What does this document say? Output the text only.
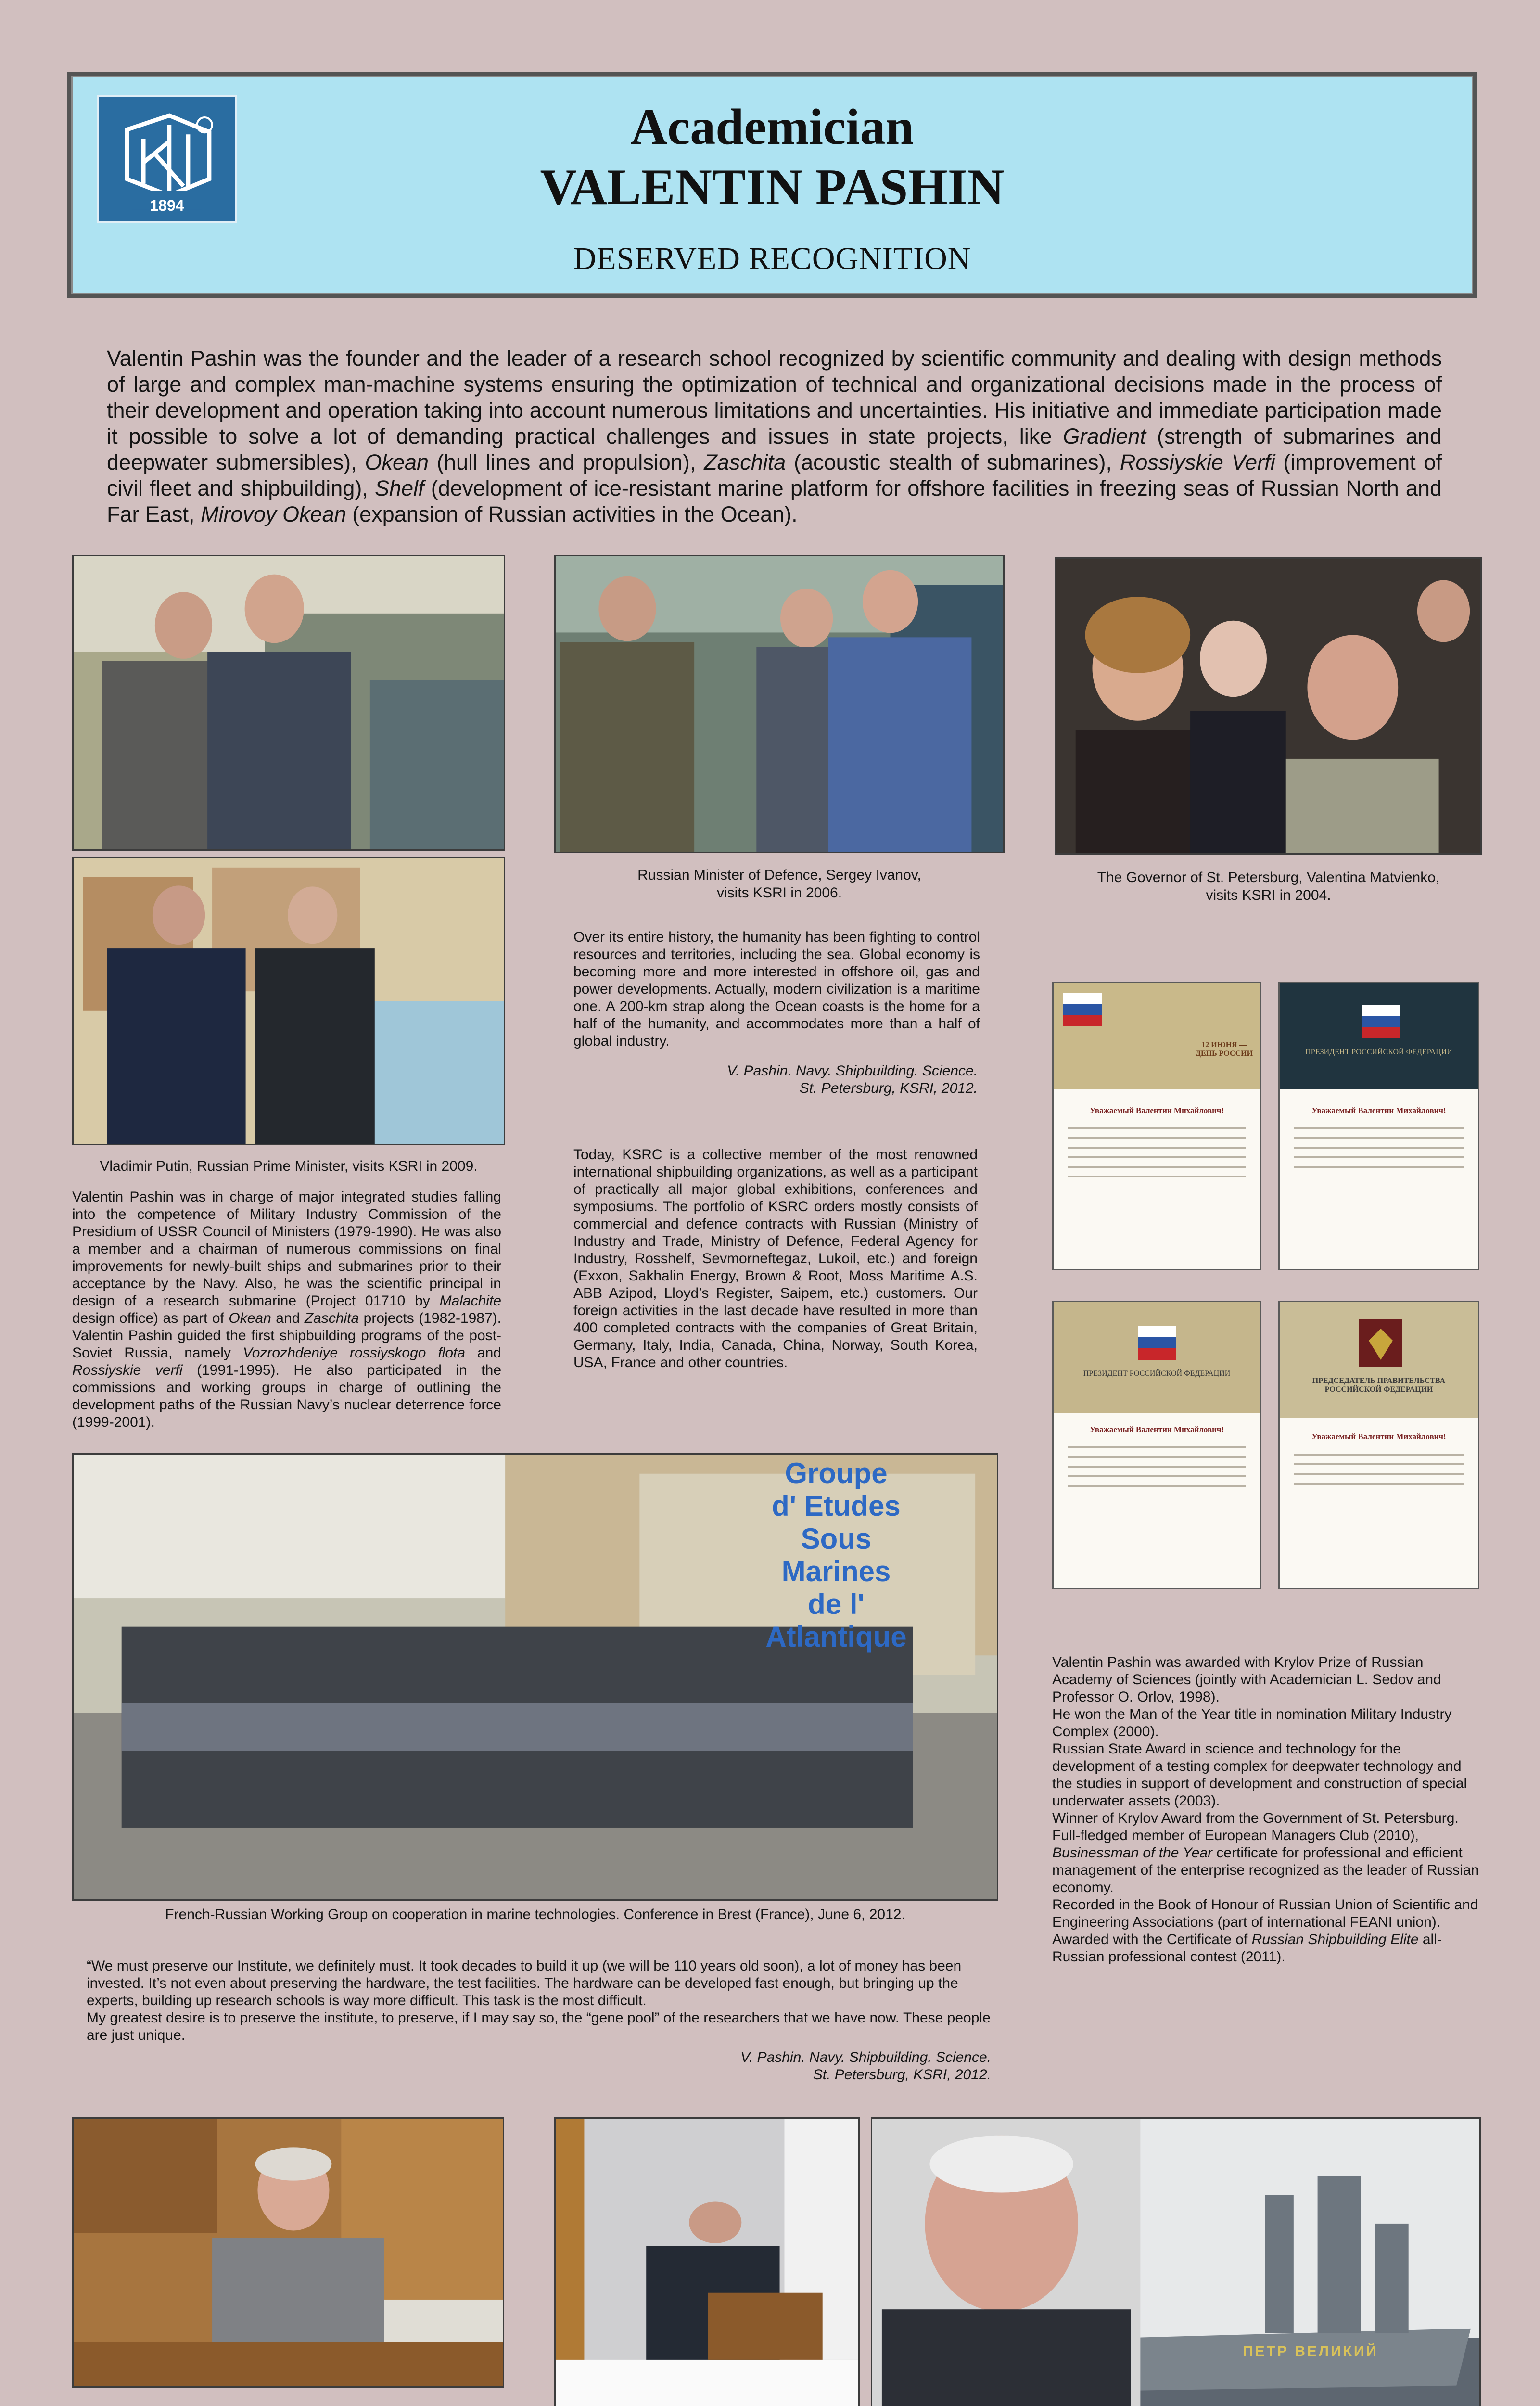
1894
Academician
VALENTIN PASHIN
DESERVED RECOGNITION
Valentin Pashin was the founder and the leader of a research school recognized by scientific community and dealing with design methods of large and complex man-machine systems ensuring the optimization of technical and organizational decisions made in the process of their development and operation taking into account numerous limitations and uncertainties. His initiative and immediate participation made it possible to solve a lot of demanding practical challenges and issues in state projects, like Gradient (strength of submarines and deepwater submersibles), Okean (hull lines and propulsion), Zaschita (acoustic stealth of submarines), Rossiyskie Verfi (improvement of civil fleet and shipbuilding), Shelf (development of ice-resistant marine platform for offshore facilities in freezing seas of Russian North and Far East, Mirovoy Okean (expansion of Russian activities in the Ocean).
Vladimir Putin, Russian Prime Minister, visits KSRI in 2009.
Russian Minister of Defence, Sergey Ivanov,
visits KSRI in 2006.
The Governor of St. Petersburg, Valentina Matvienko,
visits KSRI in 2004.
Over its entire history, the humanity has been fighting to control resources and territories, including the sea. Global economy is becoming more and more interested in offshore oil, gas and power developments. Actually, modern civilization is a maritime one. A 200-km strap along the Ocean coasts is the home for a half of the humanity, and accommodates more than a half of global industry.
V. Pashin. Navy. Shipbuilding. Science.
St. Petersburg, KSRI, 2012.
Today, KSRC is a collective member of the most renowned international shipbuilding organizations, as well as a participant of practically all major global exhibitions, conferences and symposiums. The portfolio of KSRC orders mostly consists of commercial and defence contracts with Russian (Ministry of Industry and Trade, Ministry of Defence, Federal Agency for Industry, Rosshelf, Sevmorneftegaz, Lukoil, etc.) and foreign (Exxon, Sakhalin Energy, Brown & Root, Moss Maritime A.S. ABB Azipod, Lloyd’s Register, Saipem, etc.) customers. Our foreign activities in the last decade have resulted in more than 400 completed contracts with the companies of Great Britain, Germany, Italy, India, Canada, China, Norway, South Korea, USA, France and other countries.
Valentin Pashin was in charge of major integrated studies falling into the competence of Military Industry Commission of the Presidium of USSR Council of Ministers (1979-1990). He was also a member and a chairman of numerous commissions on final improvements for newly-built ships and submarines prior to their acceptance by the Navy. Also, he was the scientific principal in design of a research submarine (Project 01710 by Malachite design office) as part of Okean and Zaschita projects (1982-1987). Valentin Pashin guided the first shipbuilding programs of the post-Soviet Russia, namely Vozrozhdeniye rossiyskogo flota and Rossiyskie verfi (1991-1995). He also participated in the commissions and working groups in charge of outlining the development paths of the Russian Navy’s nuclear deterrence force (1999-2001).
12 ИЮНЯ — ДЕНЬ РОССИИ
Уважаемый Валентин Михайлович!
ПРЕЗИДЕНТ РОССИЙСКОЙ ФЕДЕРАЦИИ
Уважаемый Валентин Михайлович!
ПРЕЗИДЕНТ РОССИЙСКОЙ ФЕДЕРАЦИИ
Уважаемый Валентин Михайлович!
ПРЕДСЕДАТЕЛЬ ПРАВИТЕЛЬСТВА РОССИЙСКОЙ ФЕДЕРАЦИИ
Уважаемый Валентин Михайлович!
Groupe
d' Etudes
Sous
Marines
de l' Atlantique
French-Russian Working Group on cooperation in marine technologies. Conference in Brest (France), June 6, 2012.
Valentin Pashin was awarded with Krylov Prize of Russian Academy of Sciences (jointly with Academician L. Sedov and Professor O. Orlov, 1998).
He won the Man of the Year title in nomination Military Industry Complex (2000).
Russian State Award in science and technology for the development of a testing complex for deepwater technology and the studies in support of development and construction of special underwater assets (2003).
Winner of Krylov Award from the Government of St. Petersburg.
Full-fledged member of European Managers Club (2010),
Businessman of the Year certificate for professional and efficient management of the enterprise recognized as the leader of Russian economy.
Recorded in the Book of Honour of Russian Union of Scientific and Engineering Associations (part of international FEANI union).
Awarded with the Certificate of Russian Shipbuilding Elite all-Russian professional contest (2011).
“We must preserve our Institute, we definitely must. It took decades to build it up (we will be 110 years old soon), a lot of money has been invested. It’s not even about preserving the hardware, the test facilities. The hardware can be developed fast enough, but bringing up the experts, building up research schools is way more difficult. This task is the most difficult.
My greatest desire is to preserve the institute, to preserve, if I may say so, the “gene pool” of the researchers that we have now. These people are just unique.
V. Pashin. Navy. Shipbuilding. Science.
St. Petersburg, KSRI, 2012.
ПЕТР ВЕЛИКИЙ
